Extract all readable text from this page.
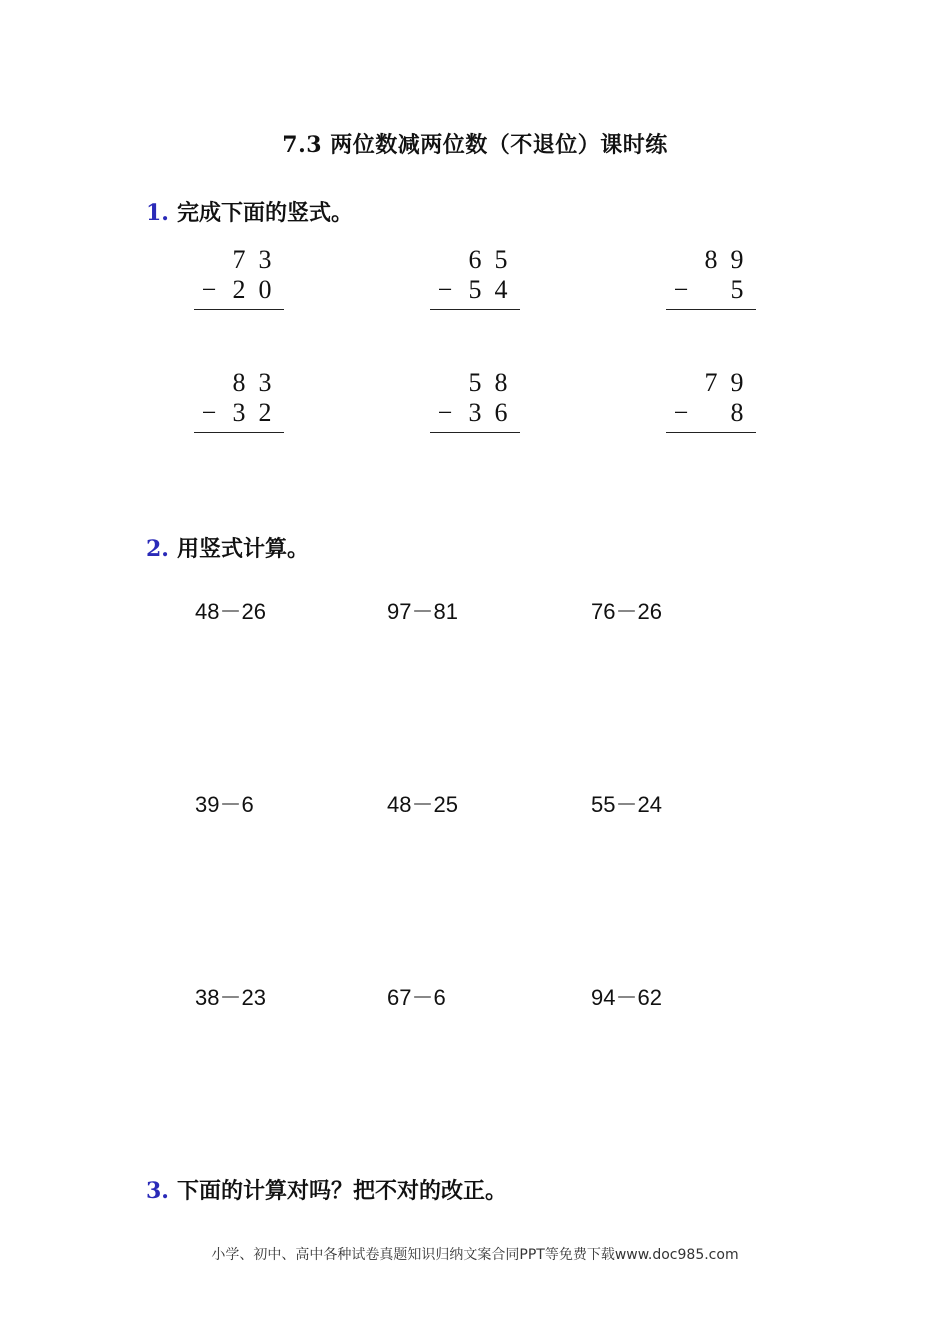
7.3 两位数减两位数（不退位）课时练
1. 完成下面的竖式。
7 3
− 2 0
6 5
− 5 4
8 9
− 5
8 3
− 3 2
5 8
− 3 6
7 9
− 8
2. 用竖式计算。
48－26	97－81	76－26
39－6	48－25	55－24
38－23	67－6	94－62
3. 下面的计算对吗？把不对的改正。
小学、初中、高中各种试卷真题知识归纳文案合同PPT等免费下载www.doc985.com
